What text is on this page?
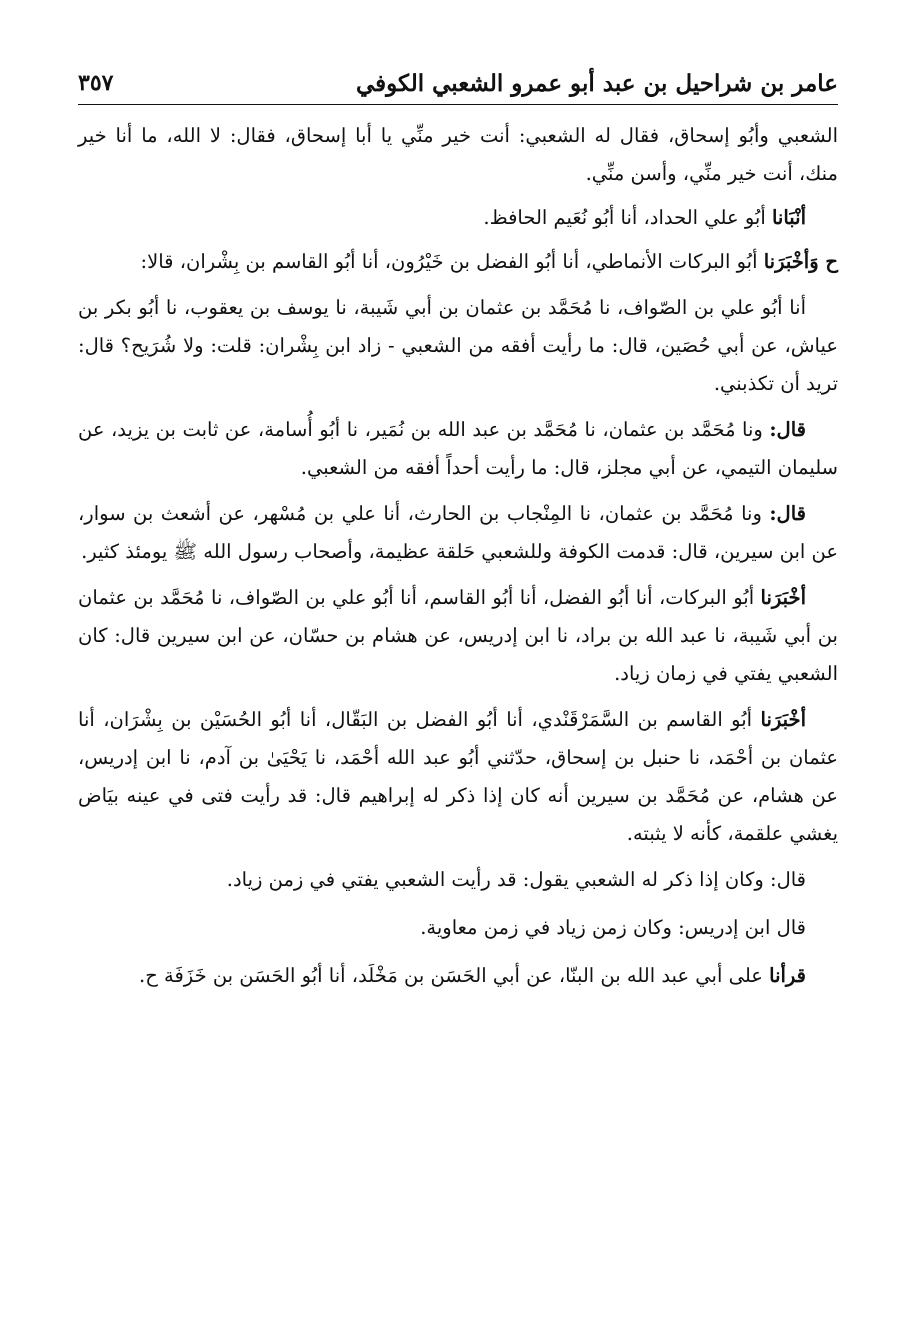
عامر بن شراحيل بن عبد أبو عمرو الشعبي الكوفي
٣٥٧

الشعبي وأبُو إسحاق، فقال له الشعبي: أنت خير منِّي يا أبا إسحاق، فقال: لا الله، ما أنا خير منك، أنت خير منِّي، وأسن منِّي.

أنْبَانا أبُو علي الحداد، أنا أبُو نُعَيم الحافظ.

ح وَأخْبَرَنا أبُو البركات الأنماطي، أنا أبُو الفضل بن خَيْرُون، أنا أبُو القاسم بن بِشْران، قالا:

أنا أبُو علي بن الصّواف، نا مُحَمَّد بن عثمان بن أبي شَيبة، نا يوسف بن يعقوب، نا أبُو بكر بن عياش، عن أبي حُصَين، قال: ما رأيت أفقه من الشعبي - زاد ابن بِشْران: قلت: ولا شُرَيح؟ قال: تريد أن تكذبني.

قال: ونا مُحَمَّد بن عثمان، نا مُحَمَّد بن عبد الله بن نُمَير، نا أبُو أُسامة، عن ثابت بن يزيد، عن سليمان التيمي، عن أبي مجلز، قال: ما رأيت أحداً أفقه من الشعبي.

قال: ونا مُحَمَّد بن عثمان، نا المِنْجاب بن الحارث، أنا علي بن مُسْهر، عن أشعث بن سوار، عن ابن سيرين، قال: قدمت الكوفة وللشعبي حَلقة عظيمة، وأصحاب رسول الله ﷺ يومئذ كثير.

أخْبَرَنا أبُو البركات، أنا أبُو الفضل، أنا أبُو القاسم، أنا أبُو علي بن الصّواف، نا مُحَمَّد بن عثمان بن أبي شَيبة، نا عبد الله بن براد، نا ابن إدريس، عن هشام بن حسّان، عن ابن سيرين قال: كان الشعبي يفتي في زمان زياد.

أخْبَرَنا أبُو القاسم بن السَّمَرْقَنْدي، أنا أبُو الفضل بن البَقّال، أنا أبُو الحُسَيْن بن بِشْرَان، أنا عثمان بن أحْمَد، نا حنبل بن إسحاق، حدّثني أبُو عبد الله أحْمَد، نا يَحْيَىٰ بن آدم، نا ابن إدريس، عن هشام، عن مُحَمَّد بن سيرين أنه كان إذا ذكر له إبراهيم قال: قد رأيت فتى في عينه بيَاض يغشي علقمة، كأنه لا يثبته.

قال: وكان إذا ذكر له الشعبي يقول: قد رأيت الشعبي يفتي في زمن زياد.

قال ابن إدريس: وكان زمن زياد في زمن معاوية.

قرأنا على أبي عبد الله بن البنّا، عن أبي الحَسَن بن مَخْلَد، أنا أبُو الحَسَن بن خَزَفَة ح.
